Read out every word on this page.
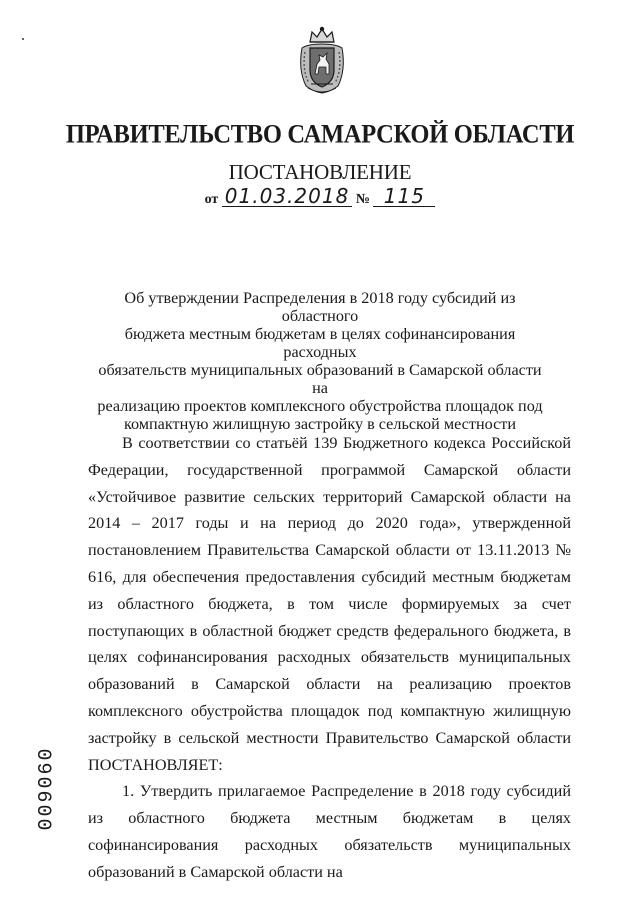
ПРАВИТЕЛЬСТВО САМАРСКОЙ ОБЛАСТИ
ПОСТАНОВЛЕНИЕ
от 01.03.2018 № 115
Об утверждении Распределения в 2018 году субсидий из областного
бюджета местным бюджетам в целях софинансирования расходных
обязательств муниципальных образований в Самарской области на
реализацию проектов комплексного обустройства площадок под
компактную жилищную застройку в сельской местности

В соответствии со статьёй 139 Бюджетного кодекса Российской Федерации, государственной программой Самарской области «Устойчивое развитие сельских территорий Самарской области на 2014 – 2017 годы и на период до 2020 года», утвержденной постановлением Правительства Самарской области от 13.11.2013 № 616, для обеспечения предоставления субсидий местным бюджетам из областного бюджета, в том числе формируемых за счет поступающих в областной бюджет средств федерального бюджета, в целях софинансирования расходных обязательств муниципальных образований в Самарской области на реализацию проектов комплексного обустройства площадок под компактную жилищную застройку в сельской местности Правительство Самарской области ПОСТАНОВЛЯЕТ:

1. Утвердить прилагаемое Распределение в 2018 году субсидий из областного бюджета местным бюджетам в целях софинансирования расходных обязательств муниципальных образований в Самарской области на

009060
